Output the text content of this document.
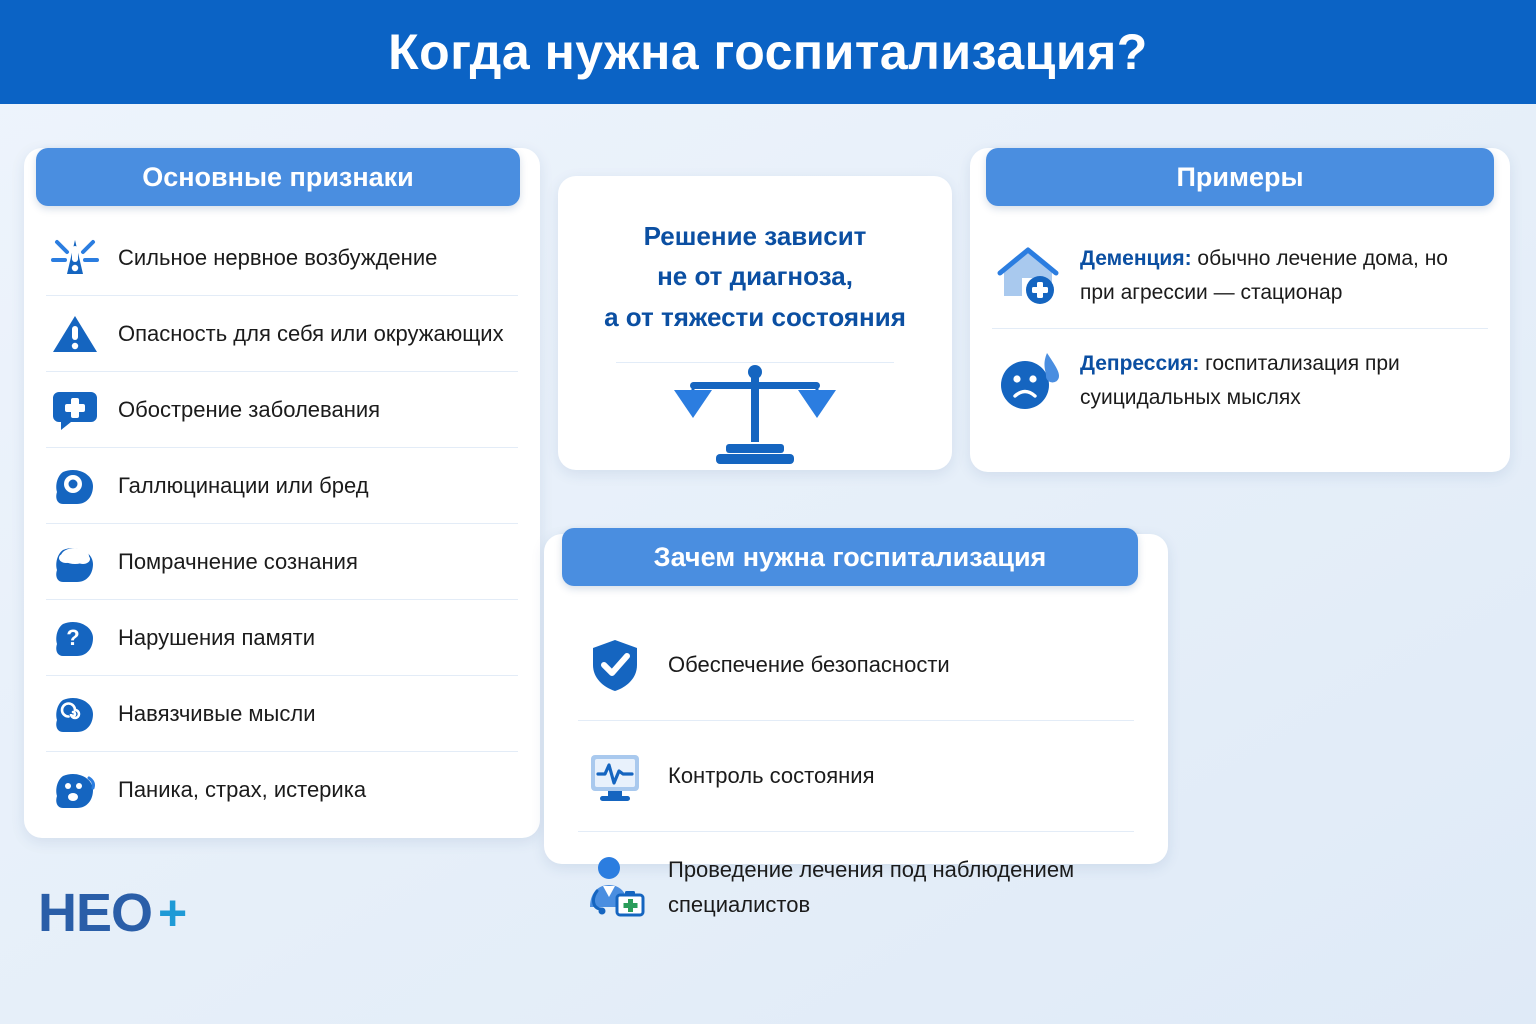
Когда нужна госпитализация?
Основные признаки
Сильное нервное возбуждение
Опасность для себя или окружающих
Обострение заболевания
Галлюцинации или бред
Помрачнение сознания
? Нарушения памяти
Навязчивые мысли
Паника, страх, истерика
Решение зависит
не от диагноза,
а от тяжести состояния
Деменция: обычно лечение дома, но при агрессии — стационар
Депрессия: госпитализация при суицидальных мыслях
Примеры
Обеспечение безопасности
Контроль состояния
Проведение лечения под наблюдением специалистов
Зачем нужна госпитализация
HEO +
